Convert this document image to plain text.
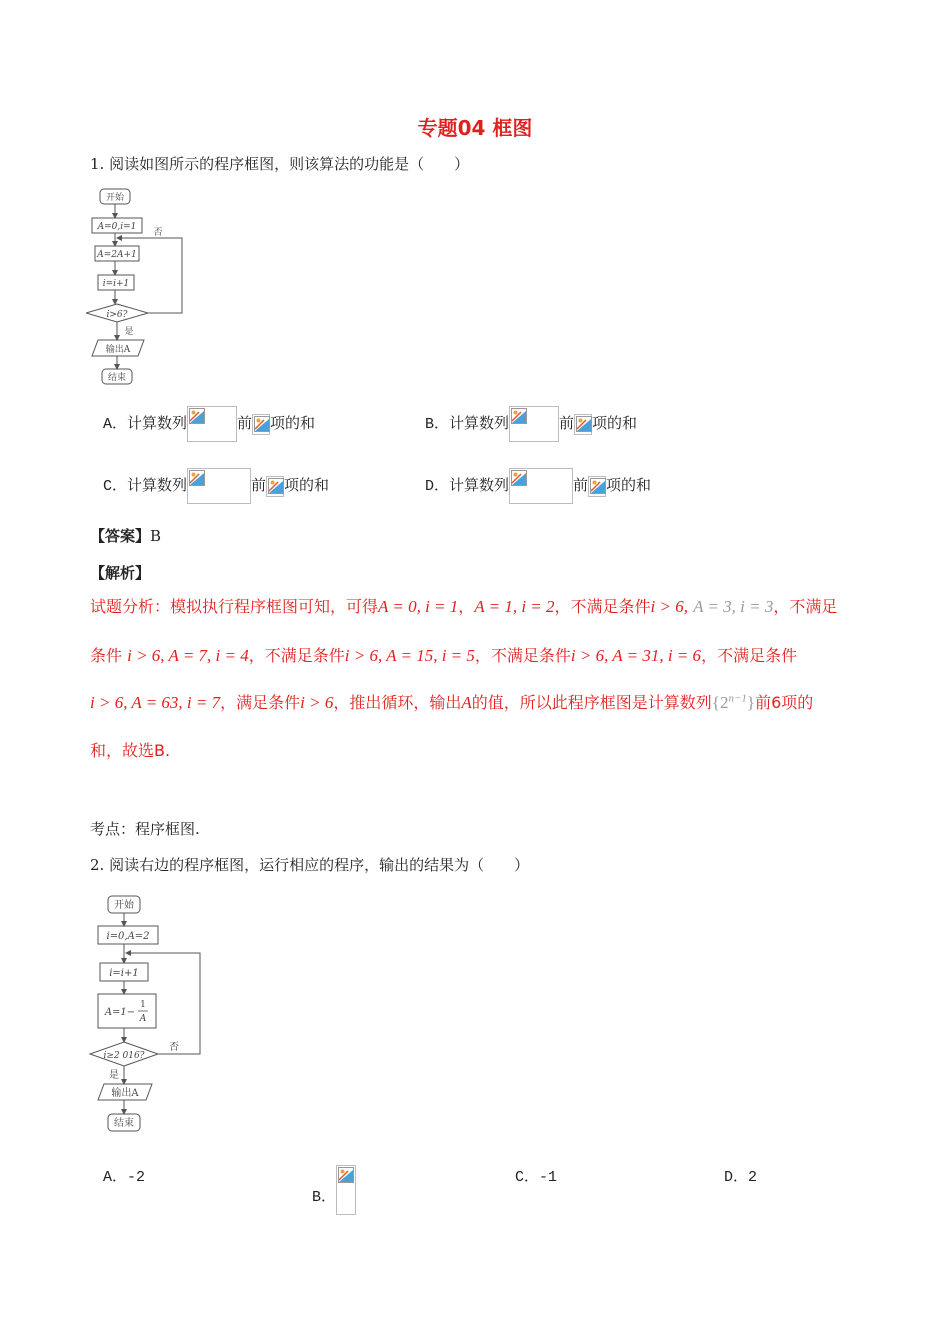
专题04 框图
1. 阅读如图所示的程序框图，则该算法的功能是（　　）
开始
A=0,i=1
A=2A+1
i=i+1
i>6?
否
是
输出A
结束
A．计算数列	前 项的和	B．计算数列	前 项的和
C．计算数列	前 项的和	D．计算数列	前 项的和
【答案】B
【解析】
试题分析：模拟执行程序框图可知，可得A = 0, i = 1，A = 1, i = 2，不满足条件i > 6, A = 3, i = 3，不满足
条件 i > 6, A = 7, i = 4，不满足条件i > 6, A = 15, i = 5，不满足条件i > 6, A = 31, i = 6，不满足条件
i > 6, A = 63, i = 7，满足条件i > 6，推出循环，输出A的值，所以此程序框图是计算数列$\{2^{n-1}\}$前6项的
和，故选B.
考点：程序框图.
2. 阅读右边的程序框图，运行相应的程序，输出的结果为（　　）
开始
i=0,A=2
i=i+1
A=1−
1
A
i≥2 016?
否
是
输出A
结束
A．-2
B．
C．-1	D．2
